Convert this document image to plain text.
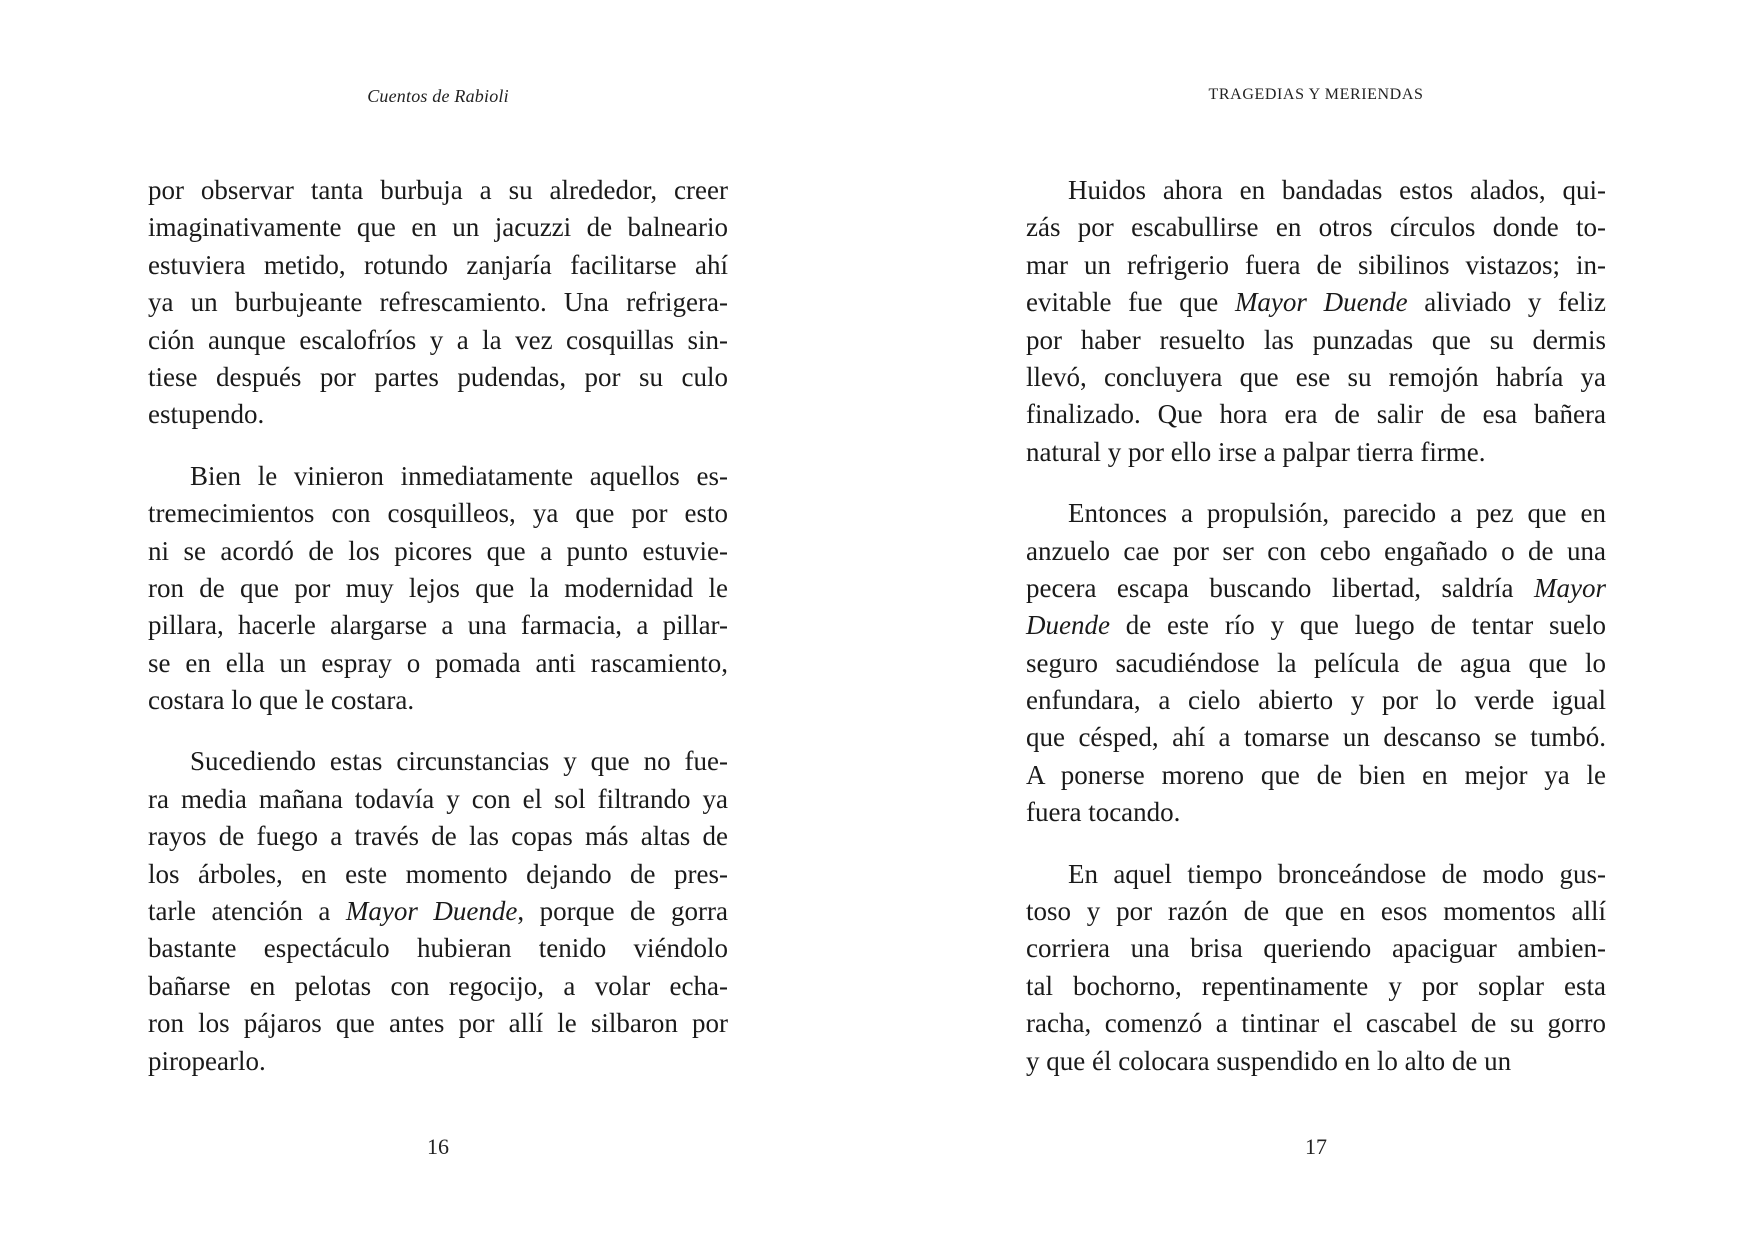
Cuentos de Rabioli
por observar tanta burbuja a su alrededor, creer
imaginativamente que en un jacuzzi de balneario
estuviera metido, rotundo zanjaría facilitarse ahí
ya un burbujeante refrescamiento. Una refrigera-
ción aunque escalofríos y a la vez cosquillas sin-
tiese después por partes pudendas, por su culo
estupendo.
Bien le vinieron inmediatamente aquellos es-
tremecimientos con cosquilleos, ya que por esto
ni se acordó de los picores que a punto estuvie-
ron de que por muy lejos que la modernidad le
pillara, hacerle alargarse a una farmacia, a pillar-
se en ella un espray o pomada anti rascamiento,
costara lo que le costara.
Sucediendo estas circunstancias y que no fue-
ra media mañana todavía y con el sol filtrando ya
rayos de fuego a través de las copas más altas de
los árboles, en este momento dejando de pres-
tarle atención a Mayor Duende, porque de gorra
bastante espectáculo hubieran tenido viéndolo
bañarse en pelotas con regocijo, a volar echa-
ron los pájaros que antes por allí le silbaron por
piropearlo.
16
TRAGEDIAS Y MERIENDAS
Huidos ahora en bandadas estos alados, qui-
zás por escabullirse en otros círculos donde to-
mar un refrigerio fuera de sibilinos vistazos; in-
evitable fue que Mayor Duende aliviado y feliz
por haber resuelto las punzadas que su dermis
llevó, concluyera que ese su remojón habría ya
finalizado. Que hora era de salir de esa bañera
natural y por ello irse a palpar tierra firme.
Entonces a propulsión, parecido a pez que en
anzuelo cae por ser con cebo engañado o de una
pecera escapa buscando libertad, saldría Mayor
Duende de este río y que luego de tentar suelo
seguro sacudiéndose la película de agua que lo
enfundara, a cielo abierto y por lo verde igual
que césped, ahí a tomarse un descanso se tumbó.
A ponerse moreno que de bien en mejor ya le
fuera tocando.
En aquel tiempo bronceándose de modo gus-
toso y por razón de que en esos momentos allí
corriera una brisa queriendo apaciguar ambien-
tal bochorno, repentinamente y por soplar esta
racha, comenzó a tintinar el cascabel de su gorro
y que él colocara suspendido en lo alto de un
17
